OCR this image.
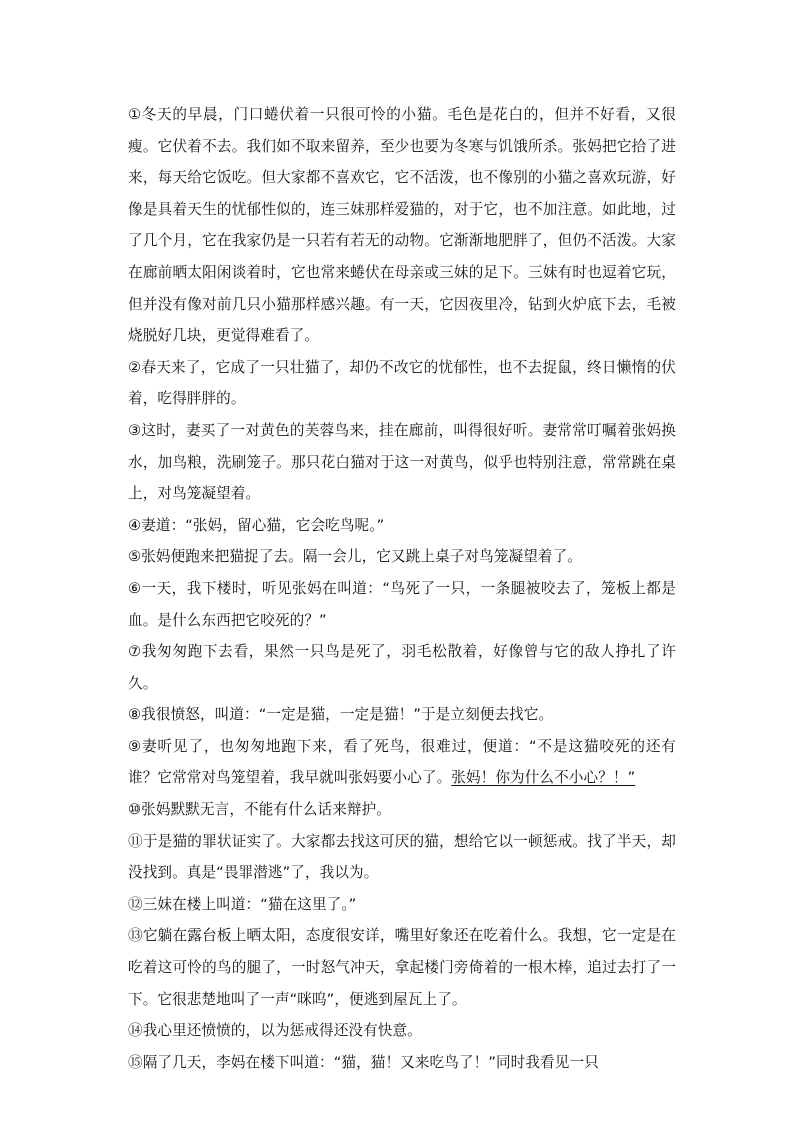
①冬天的早晨，门口蜷伏着一只很可怜的小猫。毛色是花白的，但并不好看，又很瘦。它伏着不去。我们如不取来留养，至少也要为冬寒与饥饿所杀。张妈把它拾了进来，每天给它饭吃。但大家都不喜欢它，它不活泼，也不像别的小猫之喜欢玩游，好像是具着天生的忧郁性似的，连三妹那样爱猫的，对于它，也不加注意。如此地，过了几个月，它在我家仍是一只若有若无的动物。它渐渐地肥胖了，但仍不活泼。大家在廊前晒太阳闲谈着时，它也常来蜷伏在母亲或三妹的足下。三妹有时也逗着它玩，但并没有像对前几只小猫那样感兴趣。有一天，它因夜里冷，钻到火炉底下去，毛被烧脱好几块，更觉得难看了。

②春天来了，它成了一只壮猫了，却仍不改它的忧郁性，也不去捉鼠，终日懒惰的伏着，吃得胖胖的。

③这时，妻买了一对黄色的芙蓉鸟来，挂在廊前，叫得很好听。妻常常叮嘱着张妈换水，加鸟粮，洗刷笼子。那只花白猫对于这一对黄鸟，似乎也特别注意，常常跳在桌上，对鸟笼凝望着。

④妻道：“张妈，留心猫，它会吃鸟呢。”

⑤张妈便跑来把猫捉了去。隔一会儿，它又跳上桌子对鸟笼凝望着了。

⑥一天，我下楼时，听见张妈在叫道：“鸟死了一只，一条腿被咬去了，笼板上都是血。是什么东西把它咬死的？”

⑦我匆匆跑下去看，果然一只鸟是死了，羽毛松散着，好像曾与它的敌人挣扎了许久。

⑧我很愤怒，叫道：“一定是猫，一定是猫！”于是立刻便去找它。

⑨妻听见了，也匆匆地跑下来，看了死鸟，很难过，便道：“不是这猫咬死的还有谁？它常常对鸟笼望着，我早就叫张妈要小心了。张妈！你为什么不小心？！”

⑩张妈默默无言，不能有什么话来辩护。

⑪于是猫的罪状证实了。大家都去找这可厌的猫，想给它以一顿惩戒。找了半天，却没找到。真是“畏罪潜逃”了，我以为。

⑫三妹在楼上叫道：“猫在这里了。”

⑬它躺在露台板上晒太阳，态度很安详，嘴里好象还在吃着什么。我想，它一定是在吃着这可怜的鸟的腿了，一时怒气冲天，拿起楼门旁倚着的一根木棒，追过去打了一下。它很悲楚地叫了一声“咪呜”，便逃到屋瓦上了。

⑭我心里还愤愤的，以为惩戒得还没有快意。

⑮隔了几天，李妈在楼下叫道：“猫，猫！又来吃鸟了！”同时我看见一只
